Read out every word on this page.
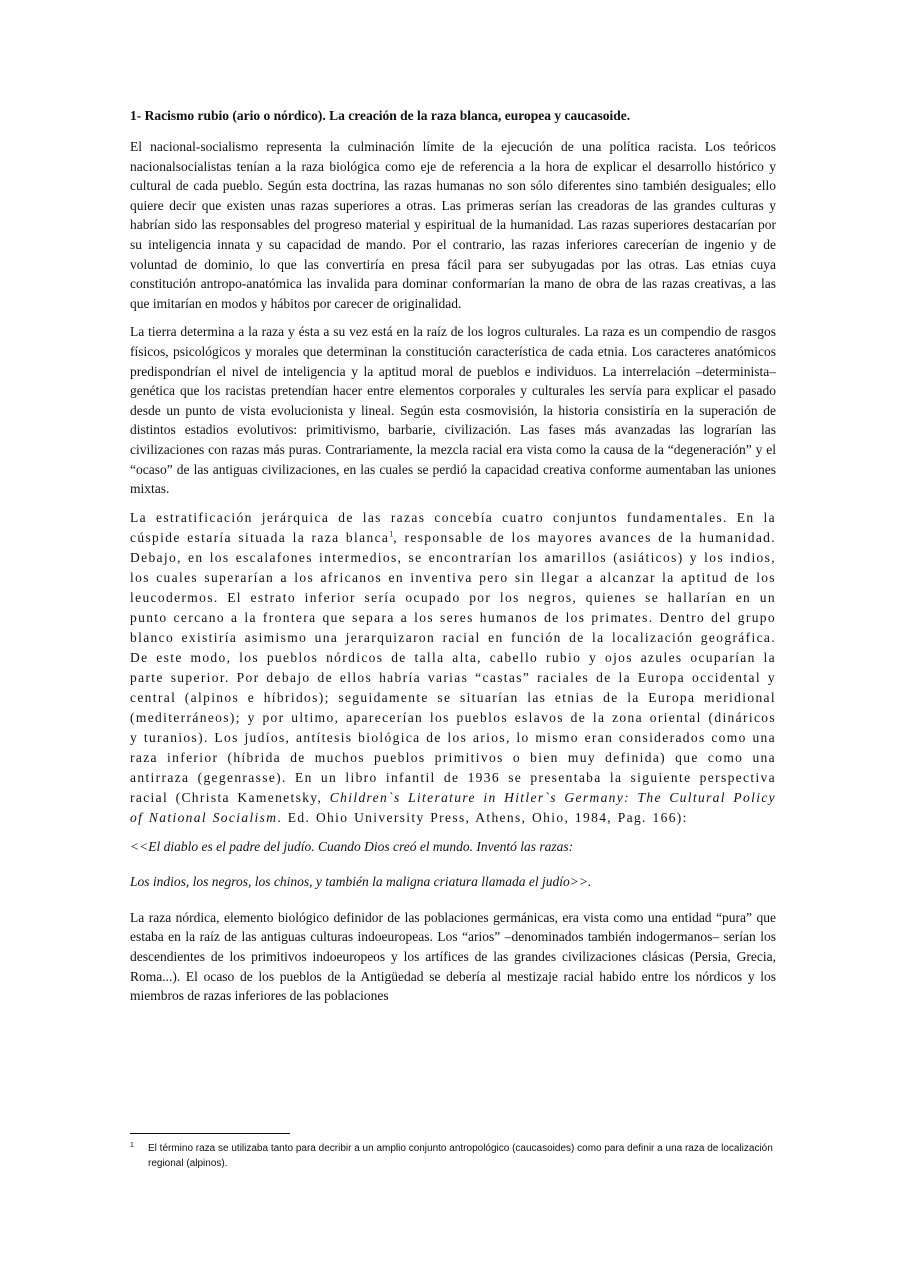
1- Racismo rubio (ario o nórdico). La creación de la raza blanca, europea y caucasoide.

El nacional-socialismo representa la culminación límite de la ejecución de una política racista. Los teóricos nacionalsocialistas tenían a la raza biológica como eje de referencia a la hora de explicar el desarrollo histórico y cultural de cada pueblo. Según esta doctrina, las razas humanas no son sólo diferentes sino también desiguales; ello quiere decir que existen unas razas superiores a otras. Las primeras serían las creadoras de las grandes culturas y habrían sido las responsables del progreso material y espiritual de la humanidad. Las razas superiores destacarían por su inteligencia innata y su capacidad de mando. Por el contrario, las razas inferiores carecerían de ingenio y de voluntad de dominio, lo que las convertiría en presa fácil para ser subyugadas por las otras. Las etnias cuya constitución antropo-anatómica las invalida para dominar conformarían la mano de obra de las razas creativas, a las que imitarían en modos y hábitos por carecer de originalidad.

La tierra determina a la raza y ésta a su vez está en la raíz de los logros culturales. La raza es un compendio de rasgos físicos, psicológicos y morales que determinan la constitución característica de cada etnia. Los caracteres anatómicos predispondrían el nivel de inteligencia y la aptitud moral de pueblos e individuos. La interrelación –determinista– genética que los racistas pretendían hacer entre elementos corporales y culturales les servía para explicar el pasado desde un punto de vista evolucionista y lineal. Según esta cosmovisión, la historia consistiría en la superación de distintos estadios evolutivos: primitivismo, barbarie, civilización. Las fases más avanzadas las lograrían las civilizaciones con razas más puras. Contrariamente, la mezcla racial era vista como la causa de la “degeneración” y el “ocaso” de las antiguas civilizaciones, en las cuales se perdió la capacidad creativa conforme aumentaban las uniones mixtas.

La estratificación jerárquica de las razas concebía cuatro conjuntos fundamentales. En la cúspide estaría situada la raza blanca$^1$, responsable de los mayores avances de la humanidad. Debajo, en los escalafones intermedios, se encontrarían los amarillos (asiáticos) y los indios, los cuales superarían a los africanos en inventiva pero sin llegar a alcanzar la aptitud de los leucodermos. El estrato inferior sería ocupado por los negros, quienes se hallarían en un punto cercano a la frontera que separa a los seres humanos de los primates. Dentro del grupo blanco existiría asimismo una jerarquizaron racial en función de la localización geográfica. De este modo, los pueblos nórdicos de talla alta, cabello rubio y ojos azules ocuparían la parte superior. Por debajo de ellos habría varias “castas” raciales de la Europa occidental y central (alpinos e híbridos); seguidamente se situarían las etnias de la Europa meridional (mediterráneos); y por ultimo, aparecerían los pueblos eslavos de la zona oriental (dináricos y turanios). Los judíos, antítesis biológica de los arios, lo mismo eran considerados como una raza inferior (híbrida de muchos pueblos primitivos o bien muy definida) que como una antirraza (gegenrasse). En un libro infantil de 1936 se presentaba la siguiente perspectiva racial (Christa Kamenetsky, Children`s Literature in Hitler`s Germany: The Cultural Policy of National Socialism. Ed. Ohio University Press, Athens, Ohio, 1984, Pag. 166):

<<El diablo es el padre del judío. Cuando Dios creó el mundo. Inventó las razas:

Los indios, los negros, los chinos, y también la maligna criatura llamada el judío>>.

La raza nórdica, elemento biológico definidor de las poblaciones germánicas, era vista como una entidad “pura” que estaba en la raíz de las antiguas culturas indoeuropeas. Los “arios” –denominados también indogermanos– serían los descendientes de los primitivos indoeuropeos y los artífices de las grandes civilizaciones clásicas (Persia, Grecia, Roma...). El ocaso de los pueblos de la Antigüedad se debería al mestizaje racial habido entre los nórdicos y los miembros de razas inferiores de las poblaciones

1	El término raza se utilizaba tanto para decribir a un amplio conjunto antropológico (caucasoides) como para definir a una raza de localización regional (alpinos).
